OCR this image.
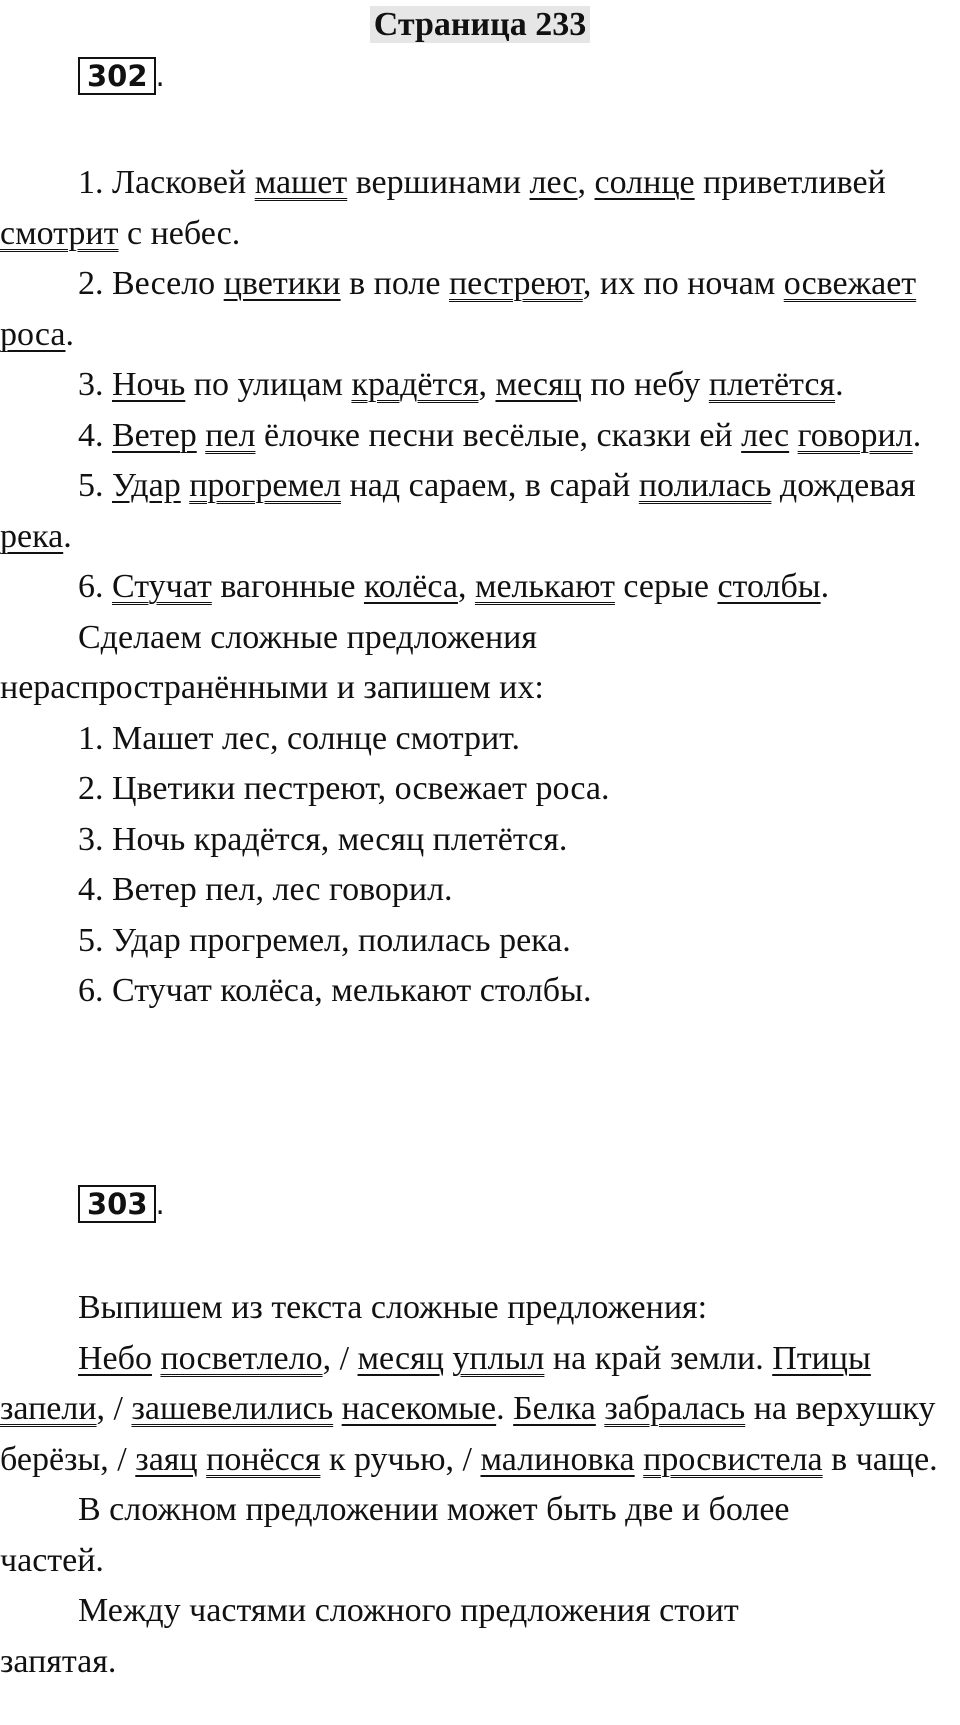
Страница 233
302 .

1. Ласковей машет вершинами лес, солнце приветливей смотрит с небес.

2. Весело цветики в поле пестреют, их по ночам освежает роса.

3. Ночь по улицам крадётся, месяц по небу плетётся.

4. Ветер пел ёлочке песни весёлые, сказки ей лес говорил.

5. Удар прогремел над сараем, в сарай полилась дождевая река.

6. Стучат вагонные колёса, мелькают серые столбы.

Сделаем сложные предложения нераспространёнными и запишем их:

1. Машет лес, солнце смотрит.

2. Цветики пестреют, освежает роса.

3. Ночь крадётся, месяц плетётся.

4. Ветер пел, лес говорил.

5. Удар прогремел, полилась река.

6. Стучат колёса, мелькают столбы.

303 .

Выпишем из текста сложные предложения:

Небо посветлело, / месяц уплыл на край земли. Птицы запели, / зашевелились насекомые. Белка забралась на верхушку берёзы, / заяц понёсся к ручью, / малиновка просвистела в чаще.

В сложном предложении может быть две и более частей.

Между частями сложного предложения стоит запятая.
